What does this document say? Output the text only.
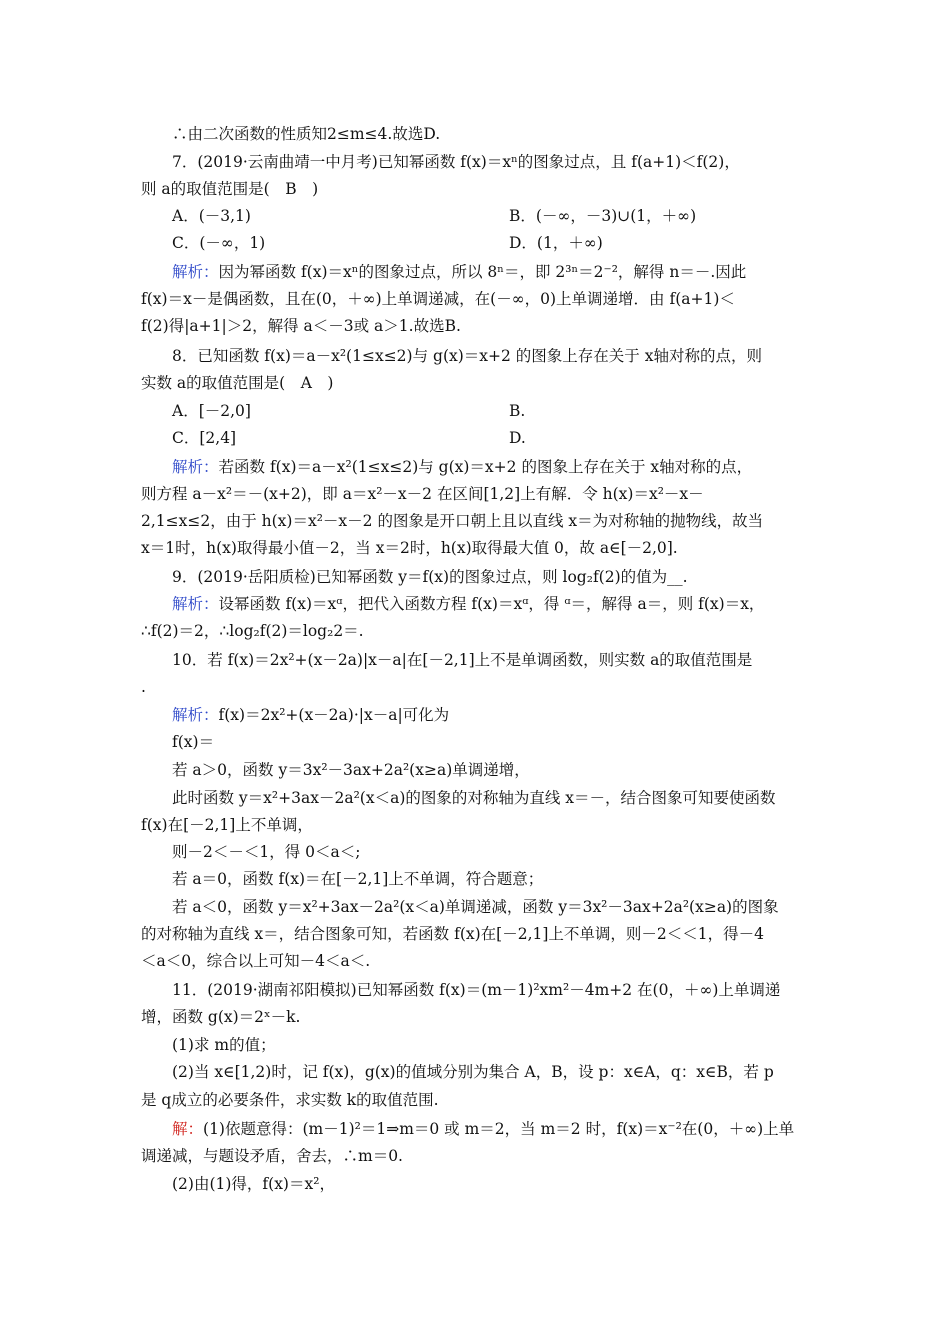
∴由二次函数的性质知2≤m≤4.故选D.
7．(2019·云南曲靖一中月考)已知幂函数 f(x)＝xⁿ的图象过点，且 f(a+1)＜f(2)，
则 a的取值范围是(　B　)
A．(－3,1)	B．(－∞，－3)∪(1，＋∞)
C．(－∞，1)	D．(1，＋∞)
解析：因为幂函数 f(x)＝xⁿ的图象过点，所以 8ⁿ＝，即 2³ⁿ＝2⁻²，解得 n＝－.因此
f(x)＝x－是偶函数，且在(0，＋∞)上单调递减，在(－∞，0)上单调递增．由 f(a+1)＜
f(2)得|a+1|＞2，解得 a＜－3或 a＞1.故选B.
8．已知函数 f(x)＝a－x²(1≤x≤2)与 g(x)＝x+2 的图象上存在关于 x轴对称的点，则
实数 a的取值范围是(　A　)
A．[－2,0]	B.
C．[2,4]	D.
解析：若函数 f(x)＝a－x²(1≤x≤2)与 g(x)＝x+2 的图象上存在关于 x轴对称的点，
则方程 a－x²＝－(x+2)，即 a＝x²－x－2 在区间[1,2]上有解．令 h(x)＝x²－x－
2,1≤x≤2，由于 h(x)＝x²－x－2 的图象是开口朝上且以直线 x＝为对称轴的抛物线，故当
x＝1时，h(x)取得最小值－2，当 x＝2时，h(x)取得最大值 0，故 a∈[－2,0].
9．(2019·岳阳质检)已知幂函数 y＝f(x)的图象过点，则 log₂f(2)的值为__.
解析：设幂函数 f(x)＝xᵅ，把代入函数方程 f(x)＝xᵅ，得 ᵅ＝，解得 a＝，则 f(x)＝x，
∴f(2)＝2，∴log₂f(2)＝log₂2＝.
10．若 f(x)＝2x²+(x－2a)|x－a|在[－2,1]上不是单调函数，则实数 a的取值范围是
.
解析：f(x)＝2x²+(x－2a)·|x－a|可化为
f(x)＝
若 a＞0，函数 y＝3x²－3ax+2a²(x≥a)单调递增，
此时函数 y＝x²+3ax－2a²(x＜a)的图象的对称轴为直线 x＝－，结合图象可知要使函数
f(x)在[－2,1]上不单调，
则－2＜－＜1，得 0＜a＜;
若 a＝0，函数 f(x)＝在[－2,1]上不单调，符合题意；
若 a＜0，函数 y＝x²+3ax－2a²(x＜a)单调递减，函数 y＝3x²－3ax+2a²(x≥a)的图象
的对称轴为直线 x＝，结合图象可知，若函数 f(x)在[－2,1]上不单调，则－2＜＜1，得－4
＜a＜0，综合以上可知－4＜a＜.
11．(2019·湖南祁阳模拟)已知幂函数 f(x)＝(m－1)²xm²－4m+2 在(0，＋∞)上单调递
增，函数 g(x)＝2ˣ－k.
(1)求 m的值；
(2)当 x∈[1,2)时，记 f(x)，g(x)的值域分别为集合 A，B，设 p：x∈A，q：x∈B，若 p
是 q成立的必要条件，求实数 k的取值范围.
解：(1)依题意得：(m－1)²＝1⇒m＝0 或 m＝2，当 m＝2 时，f(x)＝x⁻²在(0，＋∞)上单
调递减，与题设矛盾，舍去，∴m＝0.
(2)由(1)得，f(x)＝x²，
